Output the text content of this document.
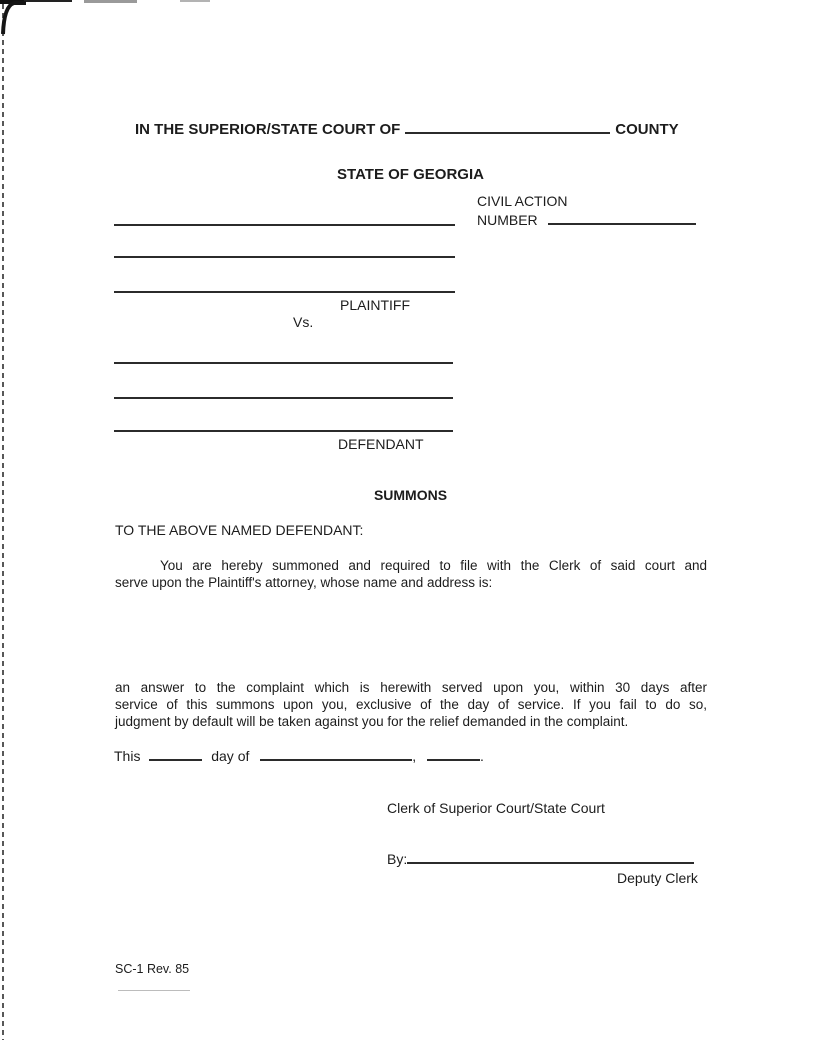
IN THE SUPERIOR/STATE COURT OF	COUNTY
STATE OF GEORGIA
CIVIL ACTION
NUMBER
PLAINTIFF
Vs.
DEFENDANT
SUMMONS
TO THE ABOVE NAMED DEFENDANT:
You are hereby summoned and required to file with the Clerk of said court and
serve upon the Plaintiff's attorney, whose name and address is:
an answer to the complaint which is herewith served upon you, within 30 days after
service of this summons upon you, exclusive of the day of service. If you fail to do so,
judgment by default will be taken against you for the relief demanded in the complaint.
This	day of	,	.
Clerk of Superior Court/State Court
By:
Deputy Clerk
SC-1 Rev. 85
